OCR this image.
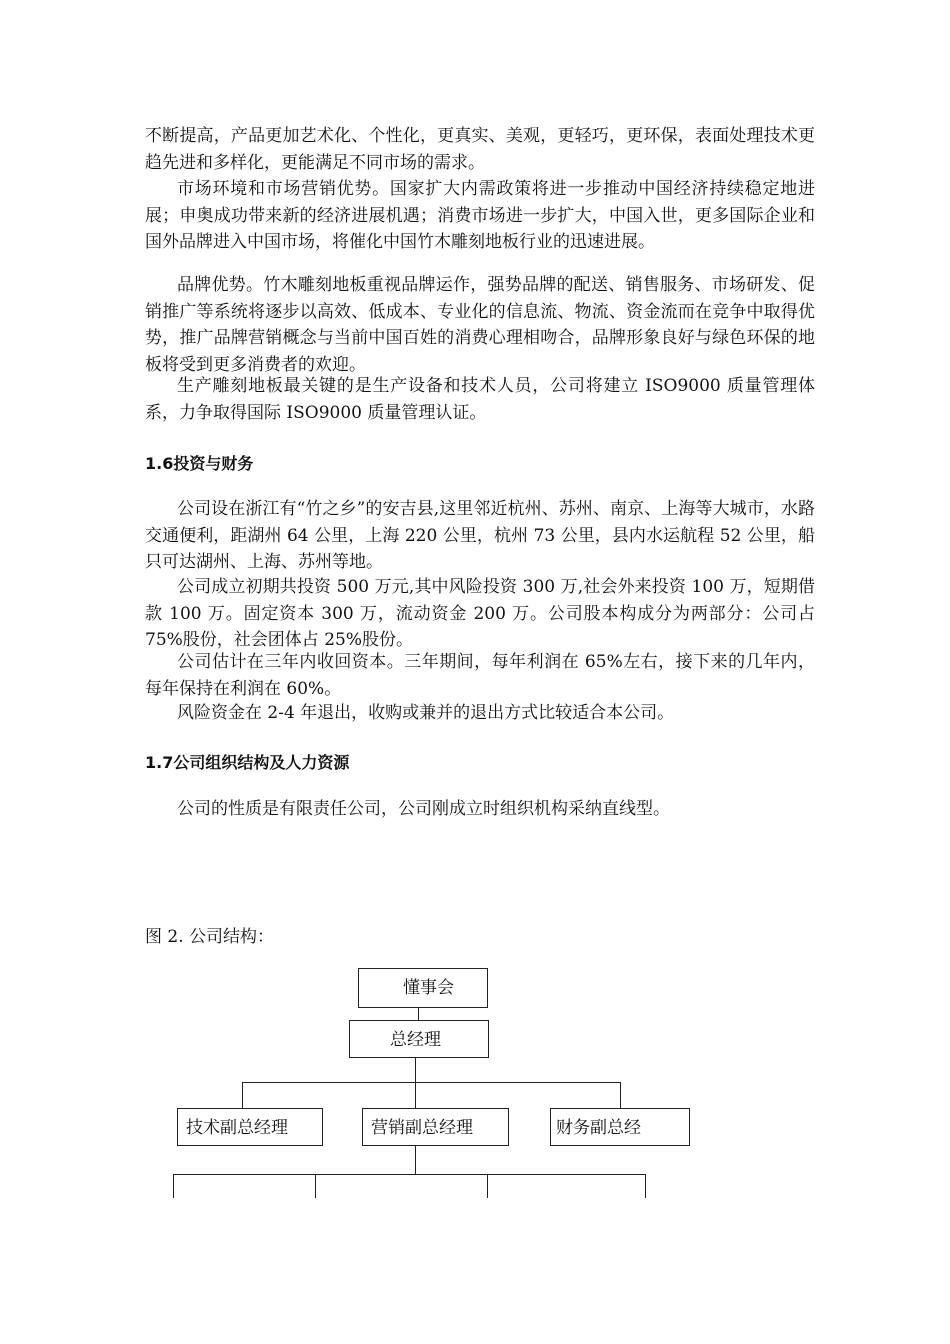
不断提高，产品更加艺术化、个性化，更真实、美观，更轻巧，更环保，表面处理技术更趋先进和多样化，更能满足不同市场的需求。

市场环境和市场营销优势。国家扩大内需政策将进一步推动中国经济持续稳定地进展；申奥成功带来新的经济进展机遇；消费市场进一步扩大，中国入世，更多国际企业和国外品牌进入中国市场，将催化中国竹木雕刻地板行业的迅速进展。

品牌优势。竹木雕刻地板重视品牌运作，强势品牌的配送、销售服务、市场研发、促销推广等系统将逐步以高效、低成本、专业化的信息流、物流、资金流而在竞争中取得优势，推广品牌营销概念与当前中国百姓的消费心理相吻合，品牌形象良好与绿色环保的地板将受到更多消费者的欢迎。

生产雕刻地板最关键的是生产设备和技术人员，公司将建立 ISO9000 质量管理体系，力争取得国际 ISO9000 质量管理认证。

1.6投资与财务

公司设在浙江有“竹之乡”的安吉县,这里邻近杭州、苏州、南京、上海等大城市，水路交通便利，距湖州 64 公里，上海 220 公里，杭州 73 公里，县内水运航程 52 公里，船只可达湖州、上海、苏州等地。

公司成立初期共投资 500 万元,其中风险投资 300 万,社会外来投资 100 万，短期借款 100 万。固定资本 300 万，流动资金 200 万。公司股本构成分为两部分：公司占 75%股份，社会团体占 25%股份。

公司估计在三年内收回资本。三年期间，每年利润在 65%左右，接下来的几年内，每年保持在利润在 60%。

风险资金在 2-4 年退出，收购或兼并的退出方式比较适合本公司。

1.7公司组织结构及人力资源

公司的性质是有限责任公司，公司刚成立时组织机构采纳直线型。

图 2. 公司结构：

懂事会
总经理
技术副总经理	营销副总经理	财务副总经
